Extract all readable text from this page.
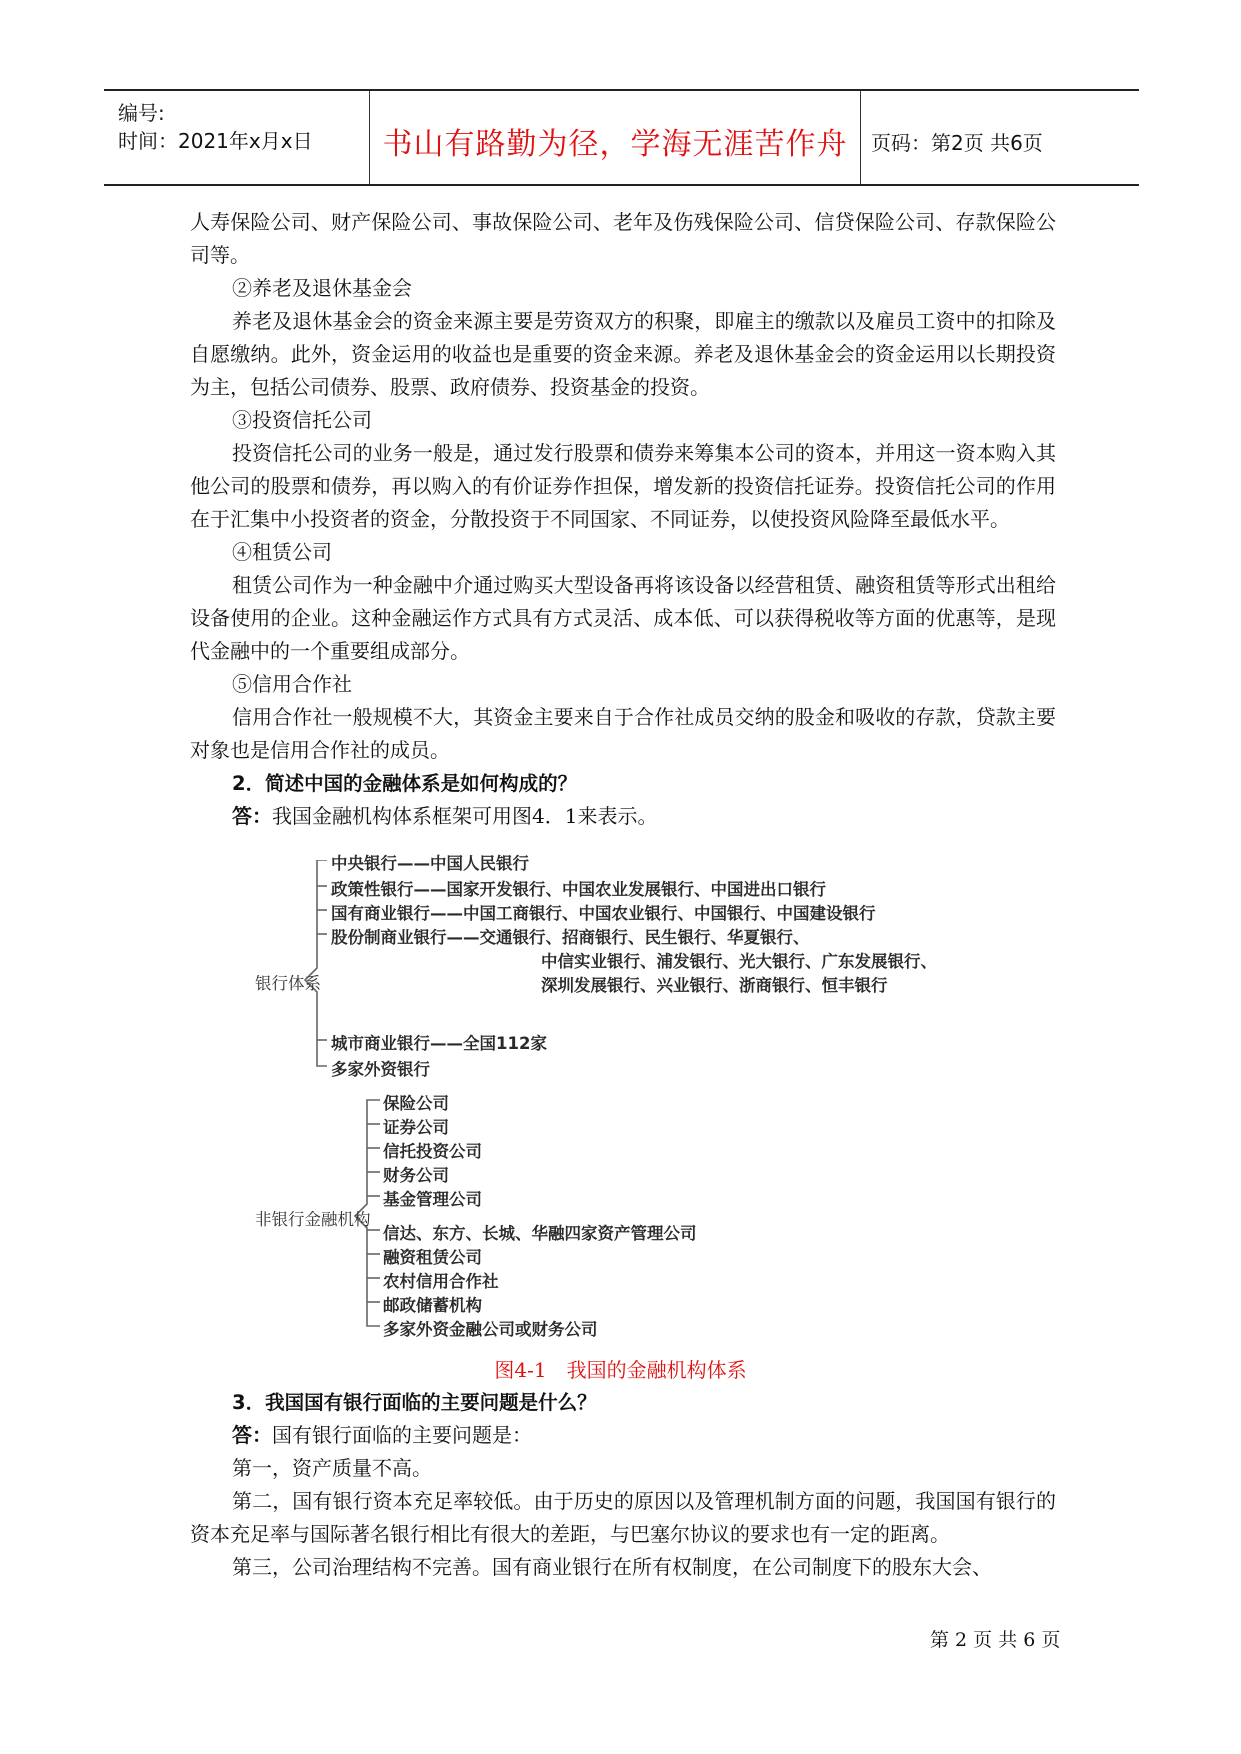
编号:
时间：2021年x月x日	书山有路勤为径，学海无涯苦作舟	页码：第2页 共6页

人寿保险公司、财产保险公司、事故保险公司、老年及伤残保险公司、信贷保险公司、存款保险公司等。

②养老及退休基金会

养老及退休基金会的资金来源主要是劳资双方的积聚，即雇主的缴款以及雇员工资中的扣除及自愿缴纳。此外，资金运用的收益也是重要的资金来源。养老及退休基金会的资金运用以长期投资为主，包括公司债券、股票、政府债券、投资基金的投资。

③投资信托公司

投资信托公司的业务一般是，通过发行股票和债券来筹集本公司的资本，并用这一资本购入其他公司的股票和债券，再以购入的有价证券作担保，增发新的投资信托证券。投资信托公司的作用在于汇集中小投资者的资金，分散投资于不同国家、不同证券，以使投资风险降至最低水平。

④租赁公司

租赁公司作为一种金融中介通过购买大型设备再将该设备以经营租赁、融资租赁等形式出租给设备使用的企业。这种金融运作方式具有方式灵活、成本低、可以获得税收等方面的优惠等，是现代金融中的一个重要组成部分。

⑤信用合作社

信用合作社一般规模不大，其资金主要来自于合作社成员交纳的股金和吸收的存款，贷款主要对象也是信用合作社的成员。

2．简述中国的金融体系是如何构成的？

答：我国金融机构体系框架可用图4．1来表示。

银行体系
中央银行——中国人民银行
政策性银行——国家开发银行、中国农业发展银行、中国进出口银行
国有商业银行——中国工商银行、中国农业银行、中国银行、中国建设银行
股份制商业银行——交通银行、招商银行、民生银行、华夏银行、
中信实业银行、浦发银行、光大银行、广东发展银行、
深圳发展银行、兴业银行、浙商银行、恒丰银行
城市商业银行——全国112家
多家外资银行
非银行金融机构
保险公司
证券公司
信托投资公司
财务公司
基金管理公司
信达、东方、长城、华融四家资产管理公司
融资租赁公司
农村信用合作社
邮政储蓄机构
多家外资金融公司或财务公司
图4-1　我国的金融机构体系

3．我国国有银行面临的主要问题是什么？

答：国有银行面临的主要问题是：

第一，资产质量不高。

第二，国有银行资本充足率较低。由于历史的原因以及管理机制方面的问题，我国国有银行的资本充足率与国际著名银行相比有很大的差距，与巴塞尔协议的要求也有一定的距离。

第三，公司治理结构不完善。国有商业银行在所有权制度，在公司制度下的股东大会、

第 2 页 共 6 页
